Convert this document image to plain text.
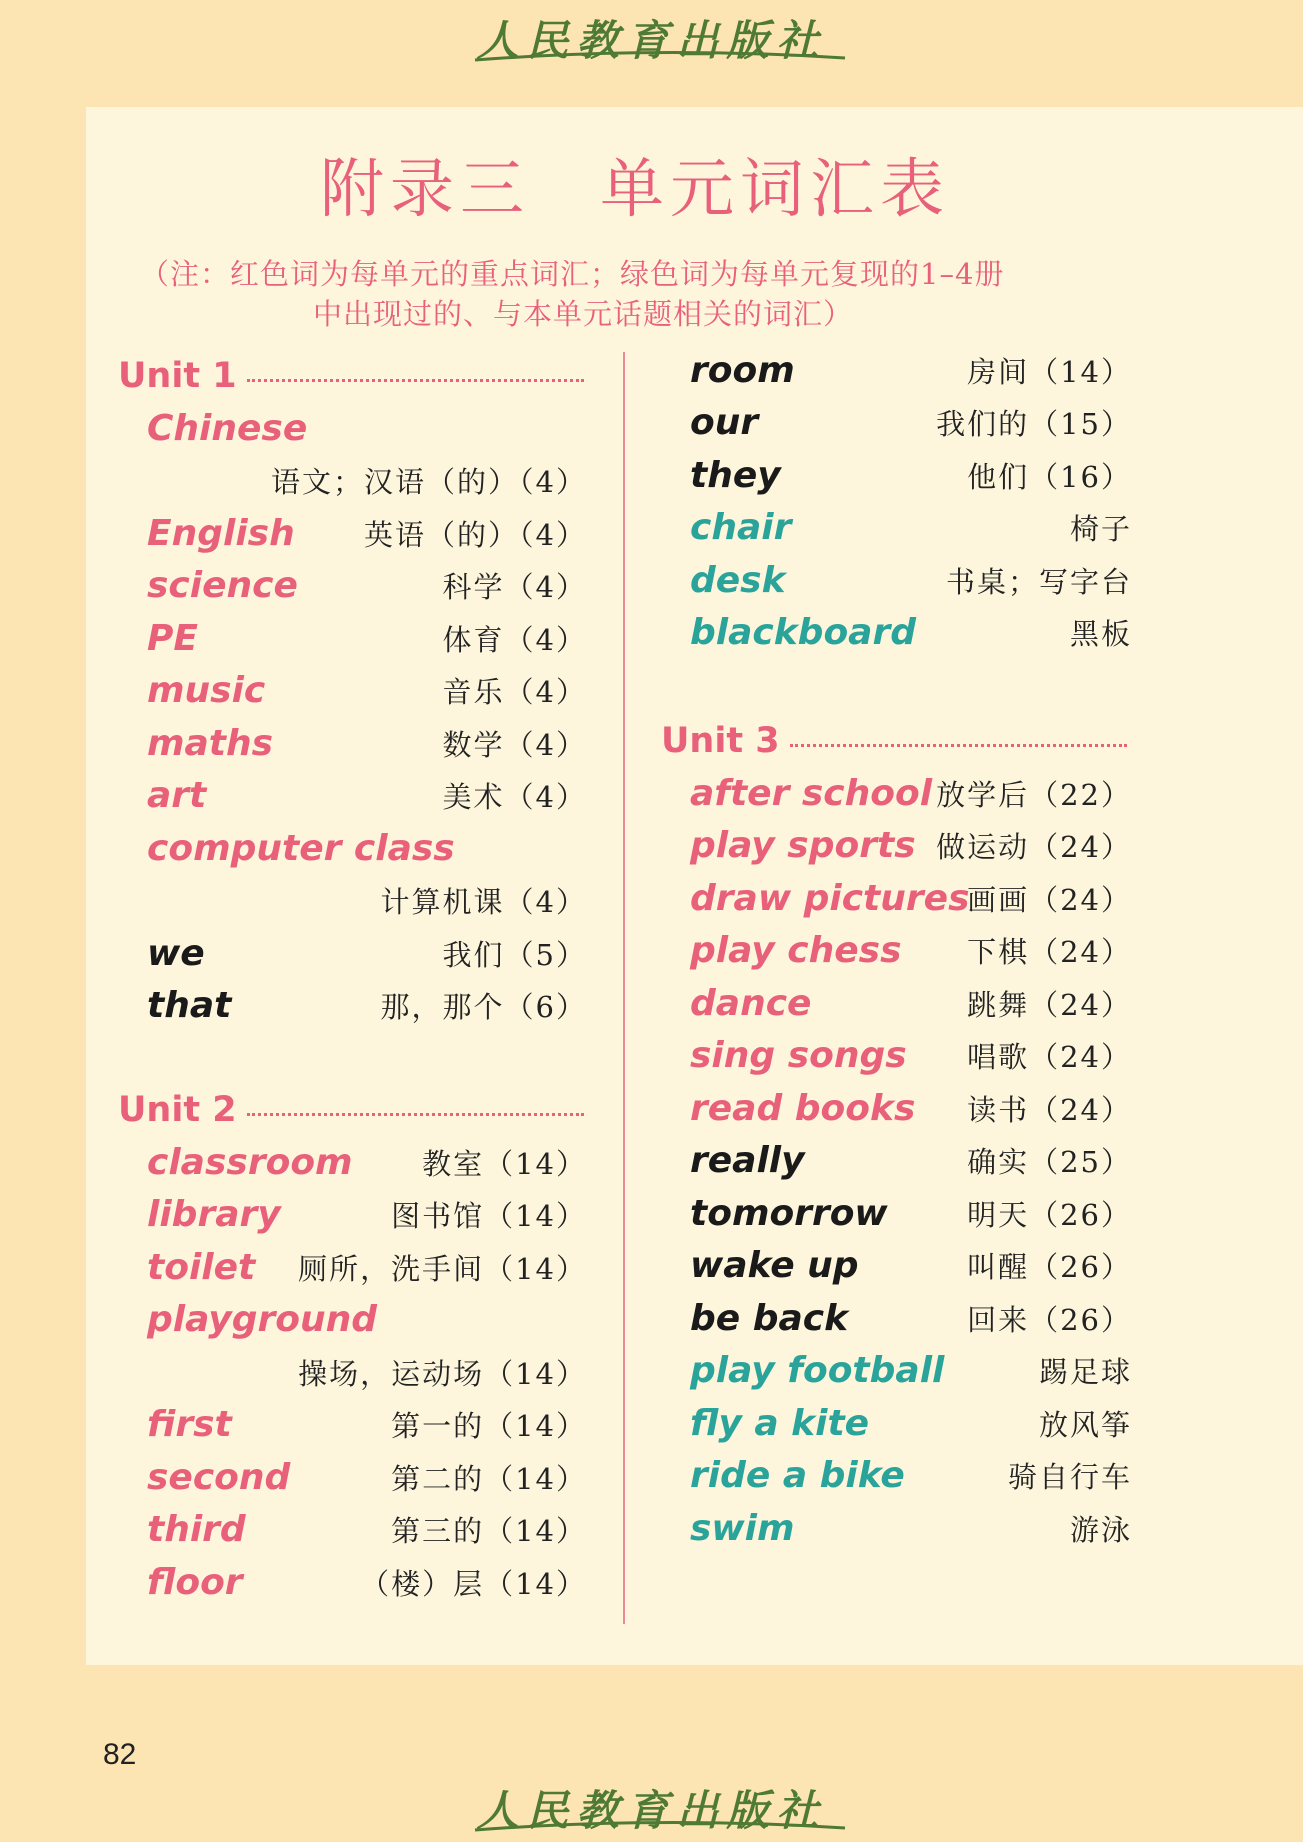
人民教育出版社
附录三　单元词汇表
（注：红色词为每单元的重点词汇；绿色词为每单元复现的1–4册
中出现过的、与本单元话题相关的词汇）
Unit 1
Chinese
语文；汉语（的）（4）
English 英语（的）（4）
science	科学（4）
PE	体育（4）
music	音乐（4）
maths	数学（4）
art	美术（4）
computer class
计算机课（4）
we	我们（5）
that	那，那个（6）
Unit 2
classroom 教室（14）
library	图书馆（14）
toilet 厕所，洗手间（14）
playground
操场，运动场（14）
first	第一的（14）
second	第二的（14）
third	第三的（14）
floor	（楼）层（14）
room	房间（14）
our	我们的（15）
they	他们（16）
chair	椅子
desk	书桌；写字台
blackboard	黑板
Unit 3
after school 放学后（22）
play sports 做运动（24）
draw pictures
画画（24）
play chess 下棋（24）
dance	跳舞（24）
sing songs 唱歌（24）
read books 读书（24）
really	确实（25）
tomorrow	明天（26）
wake up	叫醒（26）
be back	回来（26）
play football	踢足球
fly a kite	放风筝
ride a bike	骑自行车
swim	游泳
82
人民教育出版社
